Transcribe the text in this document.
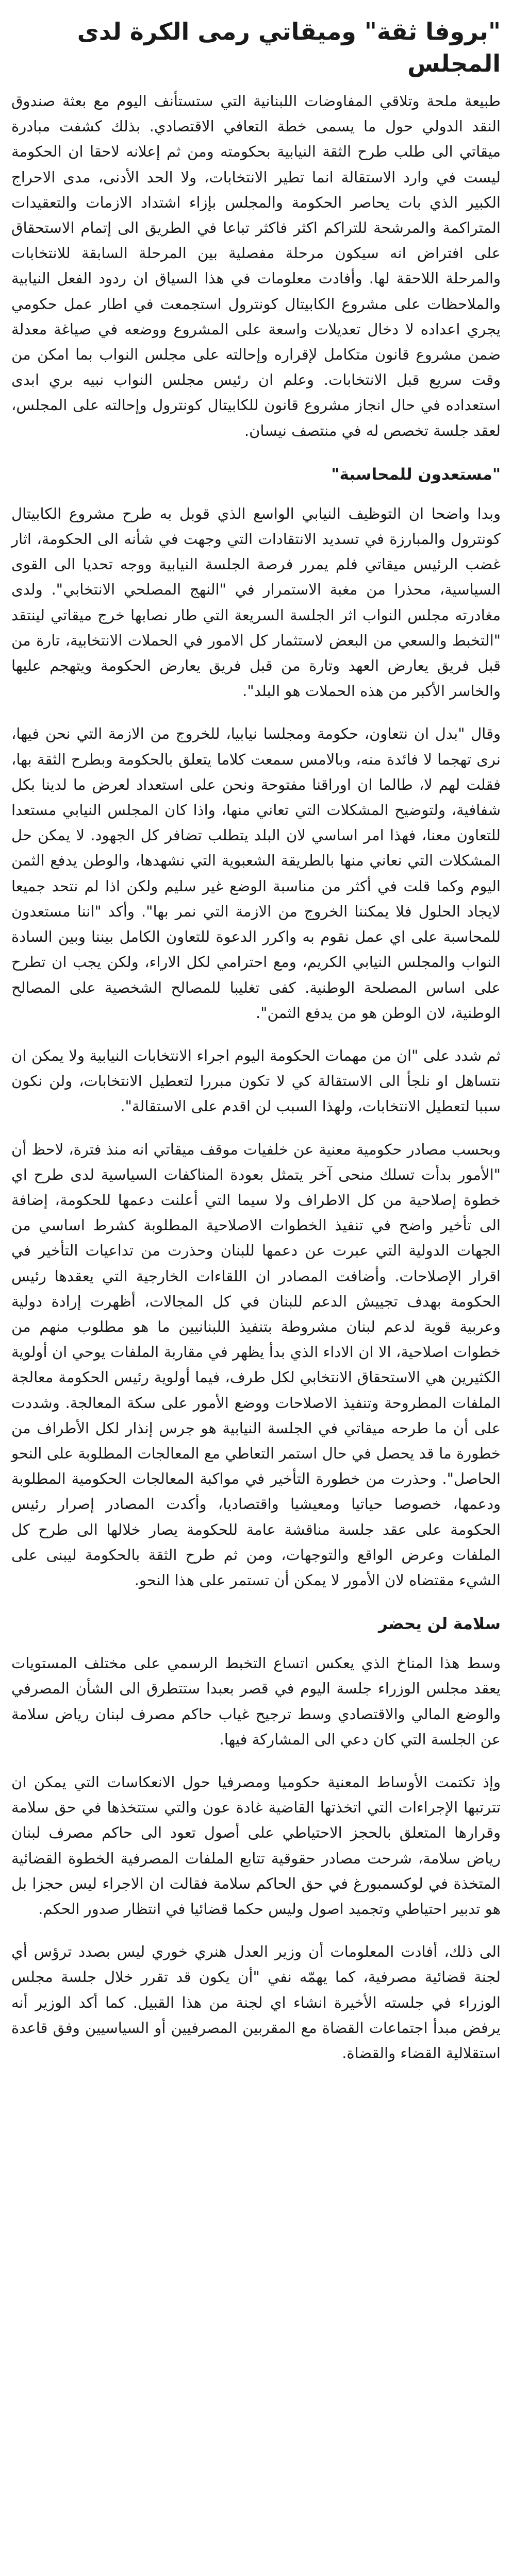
"بروفا ثقة" وميقاتي رمى الكرة لدى المجلس

طبيعة ملحة وتلاقي المفاوضات اللبنانية التي ستستأنف اليوم مع بعثة صندوق النقد الدولي حول ما يسمى خطة التعافي الاقتصادي. بذلك كشفت مبادرة ميقاتي الى طلب طرح الثقة النيابية بحكومته ومن ثم إعلانه لاحقا ان الحكومة ليست في وارد الاستقالة انما تطير الانتخابات، ولا الحد الأدنى، مدى الاحراج الكبير الذي بات يحاصر الحكومة والمجلس بإزاء اشتداد الازمات والتعقيدات المتراكمة والمرشحة للتراكم اكثر فاكثر تباعا في الطريق الى إتمام الاستحقاق على افتراض انه سيكون مرحلة مفصلية بين المرحلة السابقة للانتخابات والمرحلة اللاحقة لها. وأفادت معلومات في هذا السياق ان ردود الفعل النيابية والملاحظات على مشروع الكابيتال كونترول استجمعت في اطار عمل حكومي يجري اعداده لا دخال تعديلات واسعة على المشروع ووضعه في صياغة معدلة ضمن مشروع قانون متكامل لإقراره وإحالته على مجلس النواب بما امكن من وقت سريع قبل الانتخابات. وعلم ان رئيس مجلس النواب نبيه بري ابدى استعداده في حال انجاز مشروع قانون للكابيتال كونترول وإحالته على المجلس، لعقد جلسة تخصص له في منتصف نيسان.

"مستعدون للمحاسبة"

وبدا واضحا ان التوظيف النيابي الواسع الذي قوبل به طرح مشروع الكابيتال كونترول والمبارزة في تسديد الانتقادات التي وجهت في شأنه الى الحكومة، اثار غضب الرئيس ميقاتي فلم يمرر فرصة الجلسة النيابية ووجه تحديا الى القوى السياسية، محذرا من مغبة الاستمرار في "النهج المصلحي الانتخابي". ولدى مغادرته مجلس النواب اثر الجلسة السريعة التي طار نصابها خرج ميقاتي لينتقد "التخبط والسعي من البعض لاستثمار كل الامور في الحملات الانتخابية، تارة من قبل فريق يعارض العهد وتارة من قبل فريق يعارض الحكومة ويتهجم عليها والخاسر الأكبر من هذه الحملات هو البلد".

وقال "بدل ان نتعاون، حكومة ومجلسا نيابيا، للخروج من الازمة التي نحن فيها، نرى تهجما لا فائدة منه، وبالامس سمعت كلاما يتعلق بالحكومة وبطرح الثقة بها، فقلت لهم لا، طالما ان اوراقنا مفتوحة ونحن على استعداد لعرض ما لدينا بكل شفافية، ولتوضيح المشكلات التي تعاني منها، واذا كان المجلس النيابي مستعدا للتعاون معنا، فهذا امر اساسي لان البلد يتطلب تضافر كل الجهود. لا يمكن حل المشكلات التي نعاني منها بالطريقة الشعبوية التي نشهدها، والوطن يدفع الثمن اليوم وكما قلت في أكثر من مناسبة الوضع غير سليم ولكن اذا لم نتحد جميعا لايجاد الحلول فلا يمكننا الخروج من الازمة التي نمر بها". وأكد "اننا مستعدون للمحاسبة على اي عمل نقوم به واكرر الدعوة للتعاون الكامل بيننا وبين السادة النواب والمجلس النيابي الكريم، ومع احترامي لكل الاراء، ولكن يجب ان تطرح على اساس المصلحة الوطنية. كفى تغليبا للمصالح الشخصية على المصالح الوطنية، لان الوطن هو من يدفع الثمن".

ثم شدد على "ان من مهمات الحكومة اليوم اجراء الانتخابات النيابية ولا يمكن ان نتساهل او نلجأ الى الاستقالة كي لا تكون مبررا لتعطيل الانتخابات، ولن نكون سببا لتعطيل الانتخابات، ولهذا السبب لن اقدم على الاستقالة".

وبحسب مصادر حكومية معنية عن خلفيات موقف ميقاتي انه منذ فترة، لاحظ أن "الأمور بدأت تسلك منحى آخر يتمثل بعودة المناكفات السياسية لدى طرح اي خطوة إصلاحية من كل الاطراف ولا سيما التي أعلنت دعمها للحكومة، إضافة الى تأخير واضح في تنفيذ الخطوات الاصلاحية المطلوبة كشرط اساسي من الجهات الدولية التي عبرت عن دعمها للبنان وحذرت من تداعيات التأخير في اقرار الإصلاحات. وأضافت المصادر ان اللقاءات الخارجية التي يعقدها رئيس الحكومة بهدف تجييش الدعم للبنان في كل المجالات، أظهرت إرادة دولية وعربية قوية لدعم لبنان مشروطة بتنفيذ اللبنانيين ما هو مطلوب منهم من خطوات اصلاحية، الا ان الاداء الذي بدأ يظهر في مقاربة الملفات يوحي ان أولوية الكثيرين هي الاستحقاق الانتخابي لكل طرف، فيما أولوية رئيس الحكومة معالجة الملفات المطروحة وتنفيذ الاصلاحات ووضع الأمور على سكة المعالجة. وشددت على أن ما طرحه ميقاتي في الجلسة النيابية هو جرس إنذار لكل الأطراف من خطورة ما قد يحصل في حال استمر التعاطي مع المعالجات المطلوبة على النحو الحاصل". وحذرت من خطورة التأخير في مواكبة المعالجات الحكومية المطلوبة ودعمها، خصوصا حياتيا ومعيشيا واقتصاديا، وأكدت المصادر إصرار رئيس الحكومة على عقد جلسة مناقشة عامة للحكومة يصار خلالها الى طرح كل الملفات وعرض الواقع والتوجهات، ومن ثم طرح الثقة بالحكومة ليبنى على الشيء مقتضاه لان الأمور لا يمكن أن تستمر على هذا النحو.

سلامة لن يحضر

وسط هذا المناخ الذي يعكس اتساع التخبط الرسمي على مختلف المستويات يعقد مجلس الوزراء جلسة اليوم في قصر بعبدا ستتطرق الى الشأن المصرفي والوضع المالي والاقتصادي وسط ترجيح غياب حاكم مصرف لبنان رياض سلامة عن الجلسة التي كان دعي الى المشاركة فيها.

وإذ تكتمت الأوساط المعنية حكوميا ومصرفيا حول الانعكاسات التي يمكن ان تترتبها الإجراءات التي اتخذتها القاضية غادة عون والتي ستتخذها في حق سلامة وقرارها المتعلق بالحجز الاحتياطي على أصول تعود الى حاكم مصرف لبنان رياض سلامة، شرحت مصادر حقوقية تتابع الملفات المصرفية الخطوة القضائية المتخذة في لوكسمبورغ في حق الحاكم سلامة فقالت ان الاجراء ليس حجزا بل هو تدبير احتياطي وتجميد اصول وليس حكما قضائيا في انتظار صدور الحكم.

الى ذلك، أفادت المعلومات أن وزير العدل هنري خوري ليس بصدد ترؤس أي لجنة قضائية مصرفية، كما يهمّه نفي "أن يكون قد تقرر خلال جلسة مجلس الوزراء في جلسته الأخيرة انشاء اي لجنة من هذا القبيل. كما أكد الوزير أنه يرفض مبدأ اجتماعات القضاة مع المقربين المصرفيين أو السياسيين وفق قاعدة استقلالية القضاء والقضاة.
